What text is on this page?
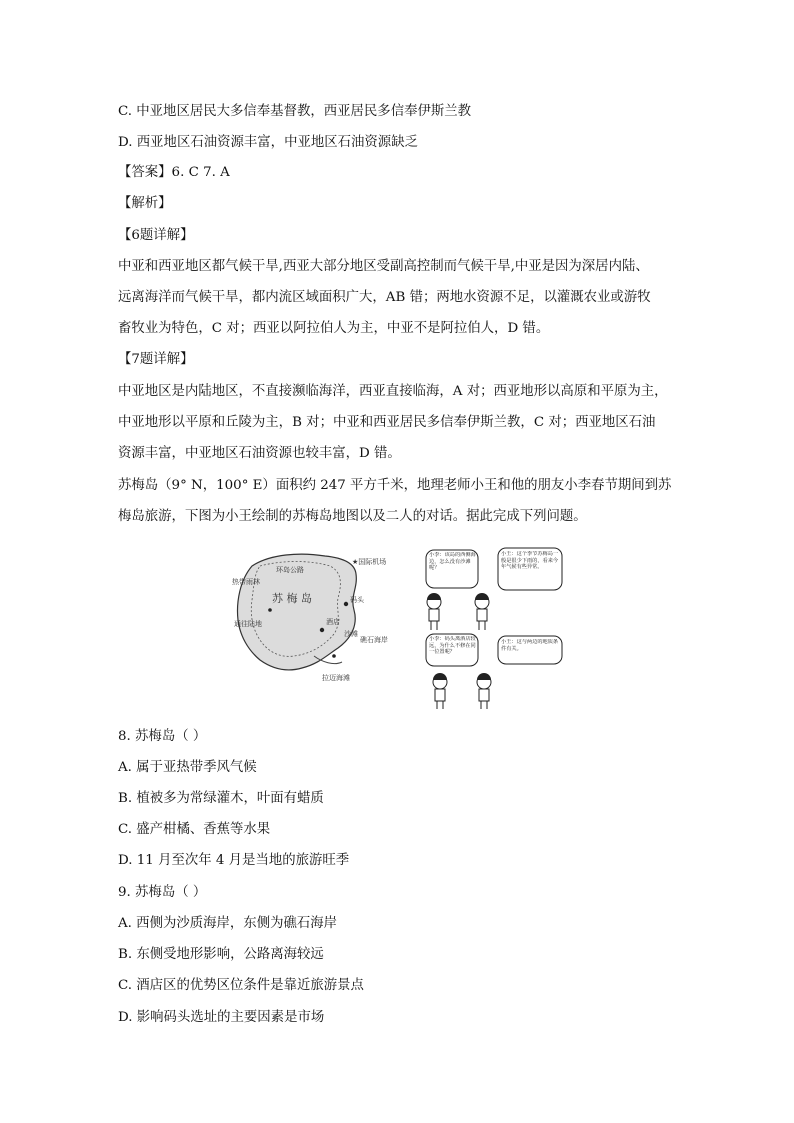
C. 中亚地区居民大多信奉基督教，西亚居民多信奉伊斯兰教
D. 西亚地区石油资源丰富，中亚地区石油资源缺乏
【答案】6. C 7. A
【解析】
【6题详解】
中亚和西亚地区都气候干旱,西亚大部分地区受副高控制而气候干旱,中亚是因为深居内陆、
远离海洋而气候干旱，都内流区域面积广大，AB 错；两地水资源不足，以灌溉农业或游牧
畜牧业为特色，C 对；西亚以阿拉伯人为主，中亚不是阿拉伯人，D 错。
【7题详解】
中亚地区是内陆地区，不直接濒临海洋，西亚直接临海，A 对；西亚地形以高原和平原为主，
中亚地形以平原和丘陵为主，B 对；中亚和西亚居民多信奉伊斯兰教，C 对；西亚地区石油
资源丰富，中亚地区石油资源也较丰富，D 错。
苏梅岛（9° N，100° E）面积约 247 平方千米，地理老师小王和他的朋友小李春节期间到苏
梅岛旅游，下图为小王绘制的苏梅岛地图以及二人的对话。据此完成下列问题。
苏 梅 岛
环岛公路
★国际机场
码头
酒店
沙滩
礁石海岸
热带雨林
拉迈海滩
通往陆地
小李：该岛的西侧海边，怎么没有沙滩呢？
小王：这个季节苏梅岛一般是很少下雨的，看来今年气候有些异常。
小李：码头离酒店较远，为什么不修在同一位置呢？
小王：这与两边的地质条件有关。
8. 苏梅岛（ ）
A. 属于亚热带季风气候
B. 植被多为常绿灌木，叶面有蜡质
C. 盛产柑橘、香蕉等水果
D. 11 月至次年 4 月是当地的旅游旺季
9. 苏梅岛（ ）
A. 西侧为沙质海岸，东侧为礁石海岸
B. 东侧受地形影响，公路离海较远
C. 酒店区的优势区位条件是靠近旅游景点
D. 影响码头选址的主要因素是市场
